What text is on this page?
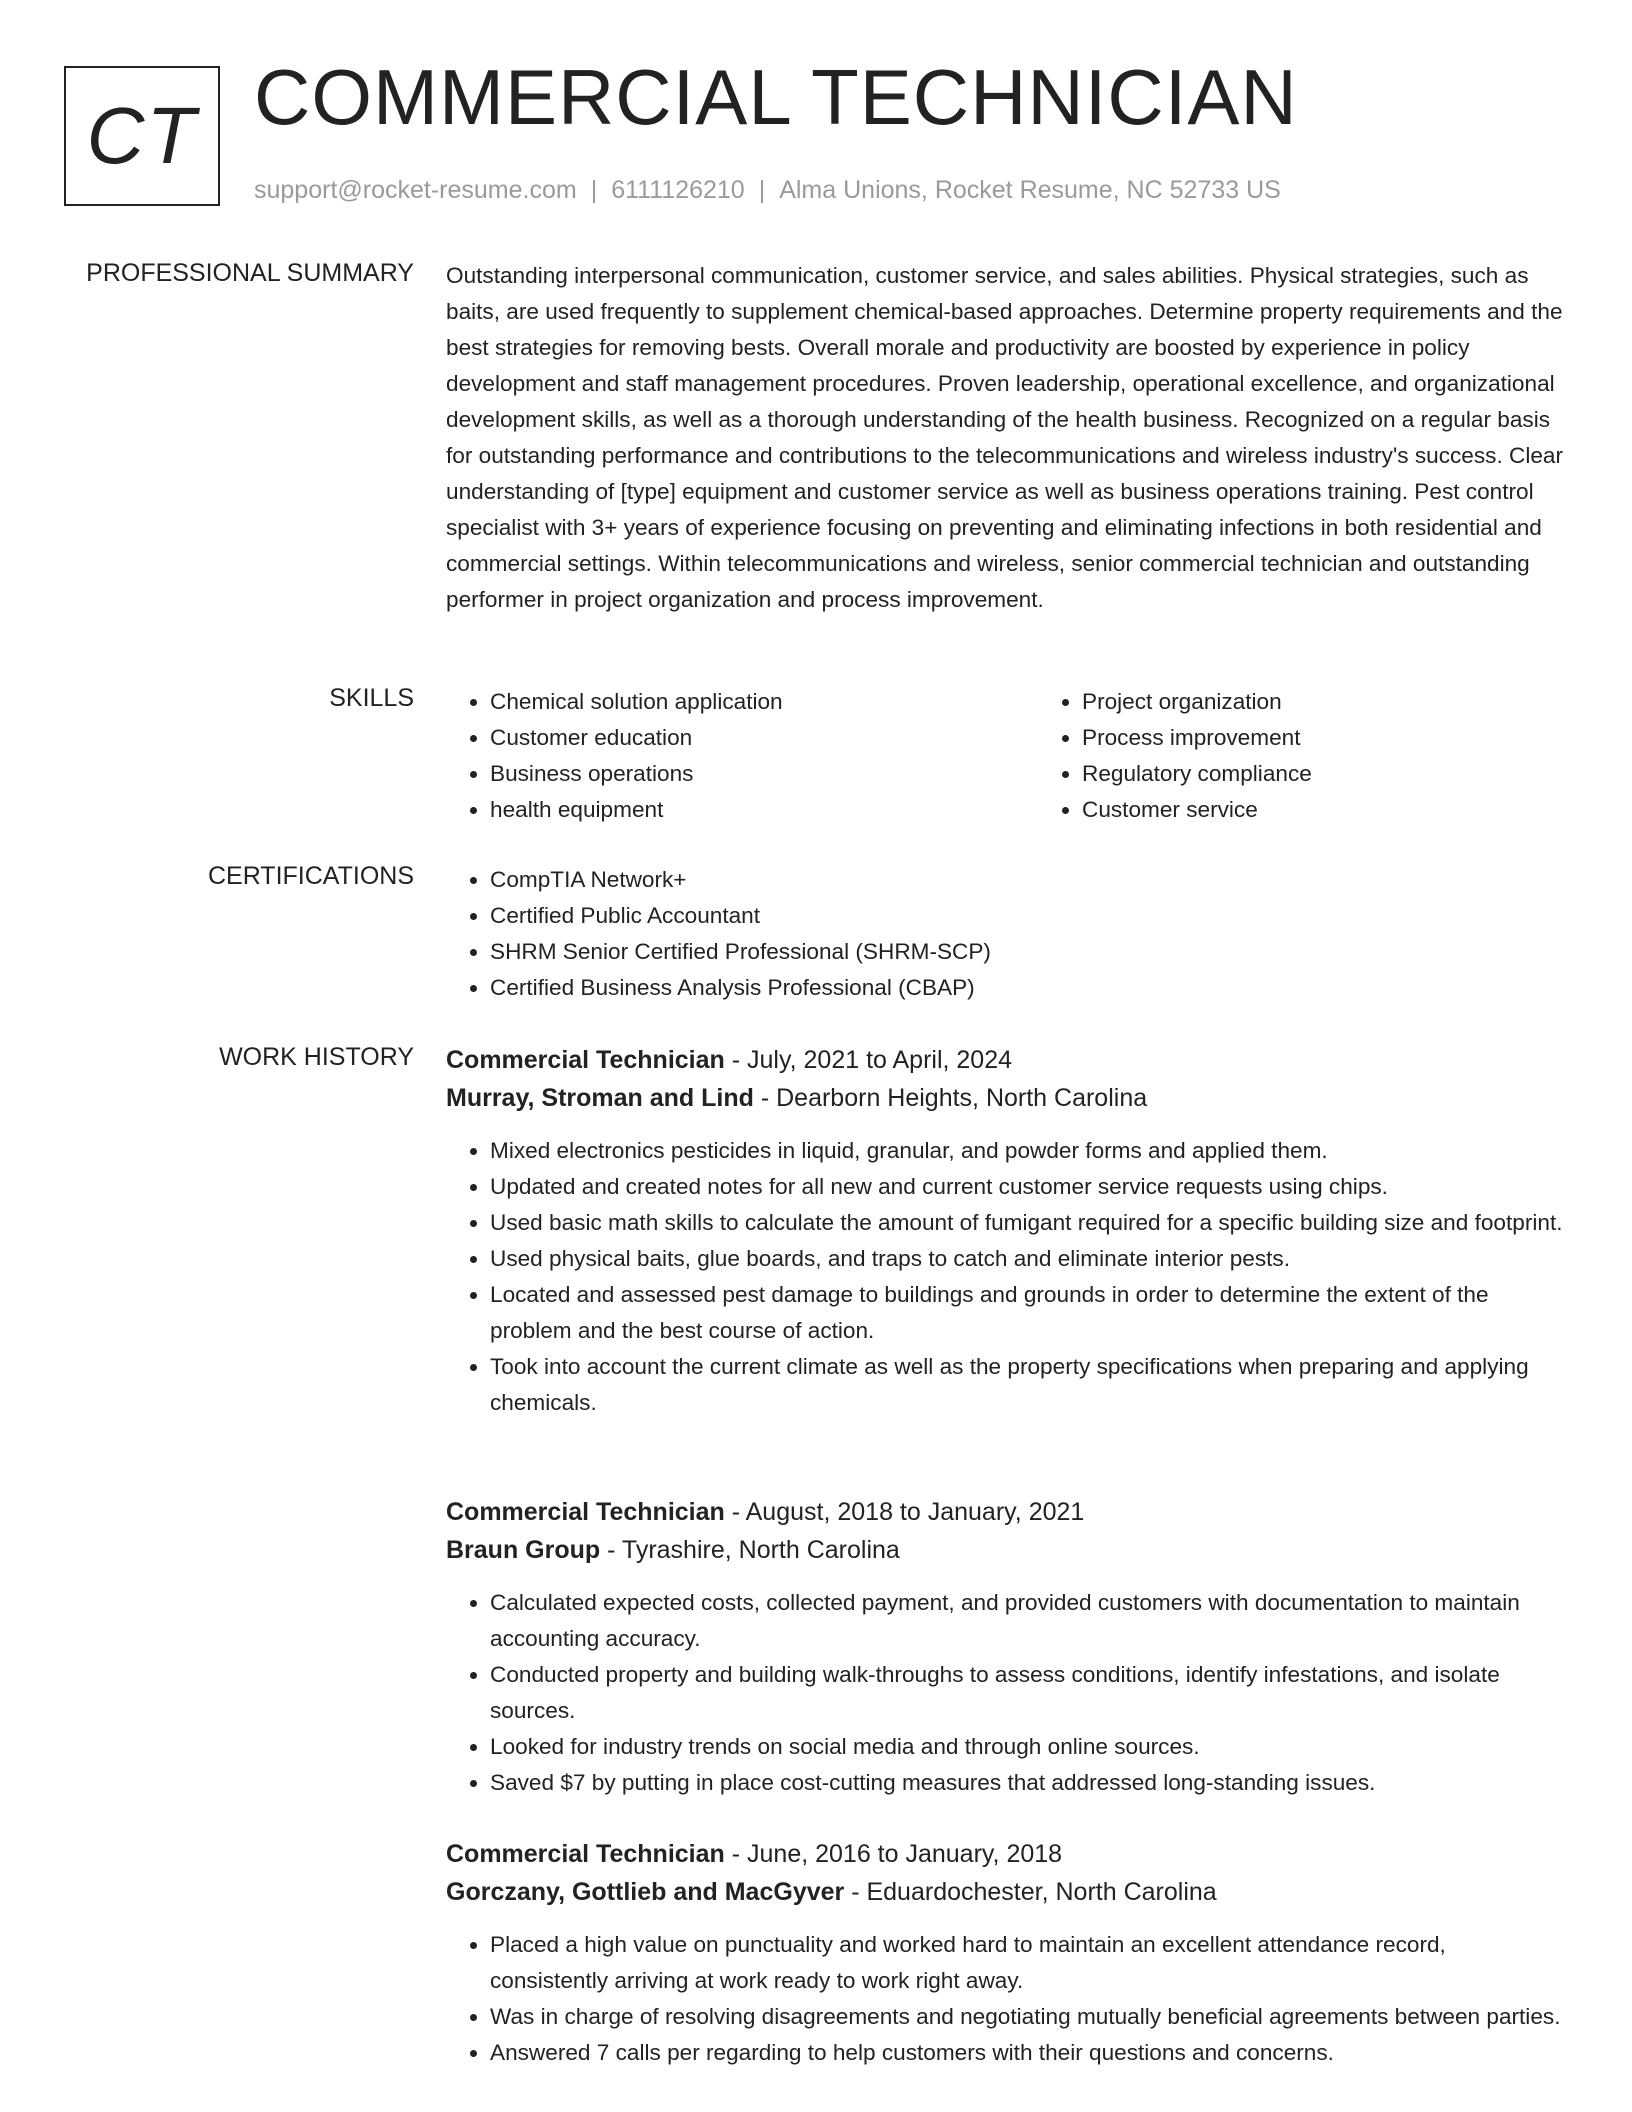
CT COMMERCIAL TECHNICIAN
support@rocket-resume.com | 6111126210 | Alma Unions, Rocket Resume, NC 52733 US
PROFESSIONAL SUMMARY Outstanding interpersonal communication, customer service, and sales abilities. Physical strategies, such as baits, are used frequently to supplement chemical-based approaches. Determine property requirements and the best strategies for removing bests. Overall morale and productivity are boosted by experience in policy development and staff management procedures. Proven leadership, operational excellence, and organizational development skills, as well as a thorough understanding of the health business. Recognized on a regular basis for outstanding performance and contributions to the telecommunications and wireless industry's success. Clear understanding of [type] equipment and customer service as well as business operations training. Pest control specialist with 3+ years of experience focusing on preventing and eliminating infections in both residential and commercial settings. Within telecommunications and wireless, senior commercial technician and outstanding performer in project organization and process improvement.

SKILLS	• Chemical solution application
• Customer education
• Business operations
• health equipment
• Project organization
• Process improvement
• Regulatory compliance
• Customer service
CERTIFICATIONS	• CompTIA Network+
• Certified Public Accountant
• SHRM Senior Certified Professional (SHRM-SCP)
• Certified Business Analysis Professional (CBAP)
WORK HISTORY Commercial Technician - July, 2021 to April, 2024
Murray, Stroman and Lind - Dearborn Heights, North Carolina
• Mixed electronics pesticides in liquid, granular, and powder forms and applied them.
• Updated and created notes for all new and current customer service requests using chips.
• Used basic math skills to calculate the amount of fumigant required for a specific building size and footprint.
• Used physical baits, glue boards, and traps to catch and eliminate interior pests.
• Located and assessed pest damage to buildings and grounds in order to determine the extent of the problem and the best course of action.
• Took into account the current climate as well as the property specifications when preparing and applying chemicals.
Commercial Technician - August, 2018 to January, 2021
Braun Group - Tyrashire, North Carolina
• Calculated expected costs, collected payment, and provided customers with documentation to maintain accounting accuracy.
• Conducted property and building walk-throughs to assess conditions, identify infestations, and isolate sources.
• Looked for industry trends on social media and through online sources.
• Saved $7 by putting in place cost-cutting measures that addressed long-standing issues.
Commercial Technician - June, 2016 to January, 2018
Gorczany, Gottlieb and MacGyver - Eduardochester, North Carolina
• Placed a high value on punctuality and worked hard to maintain an excellent attendance record, consistently arriving at work ready to work right away.
• Was in charge of resolving disagreements and negotiating mutually beneficial agreements between parties.
• Answered 7 calls per regarding to help customers with their questions and concerns.
